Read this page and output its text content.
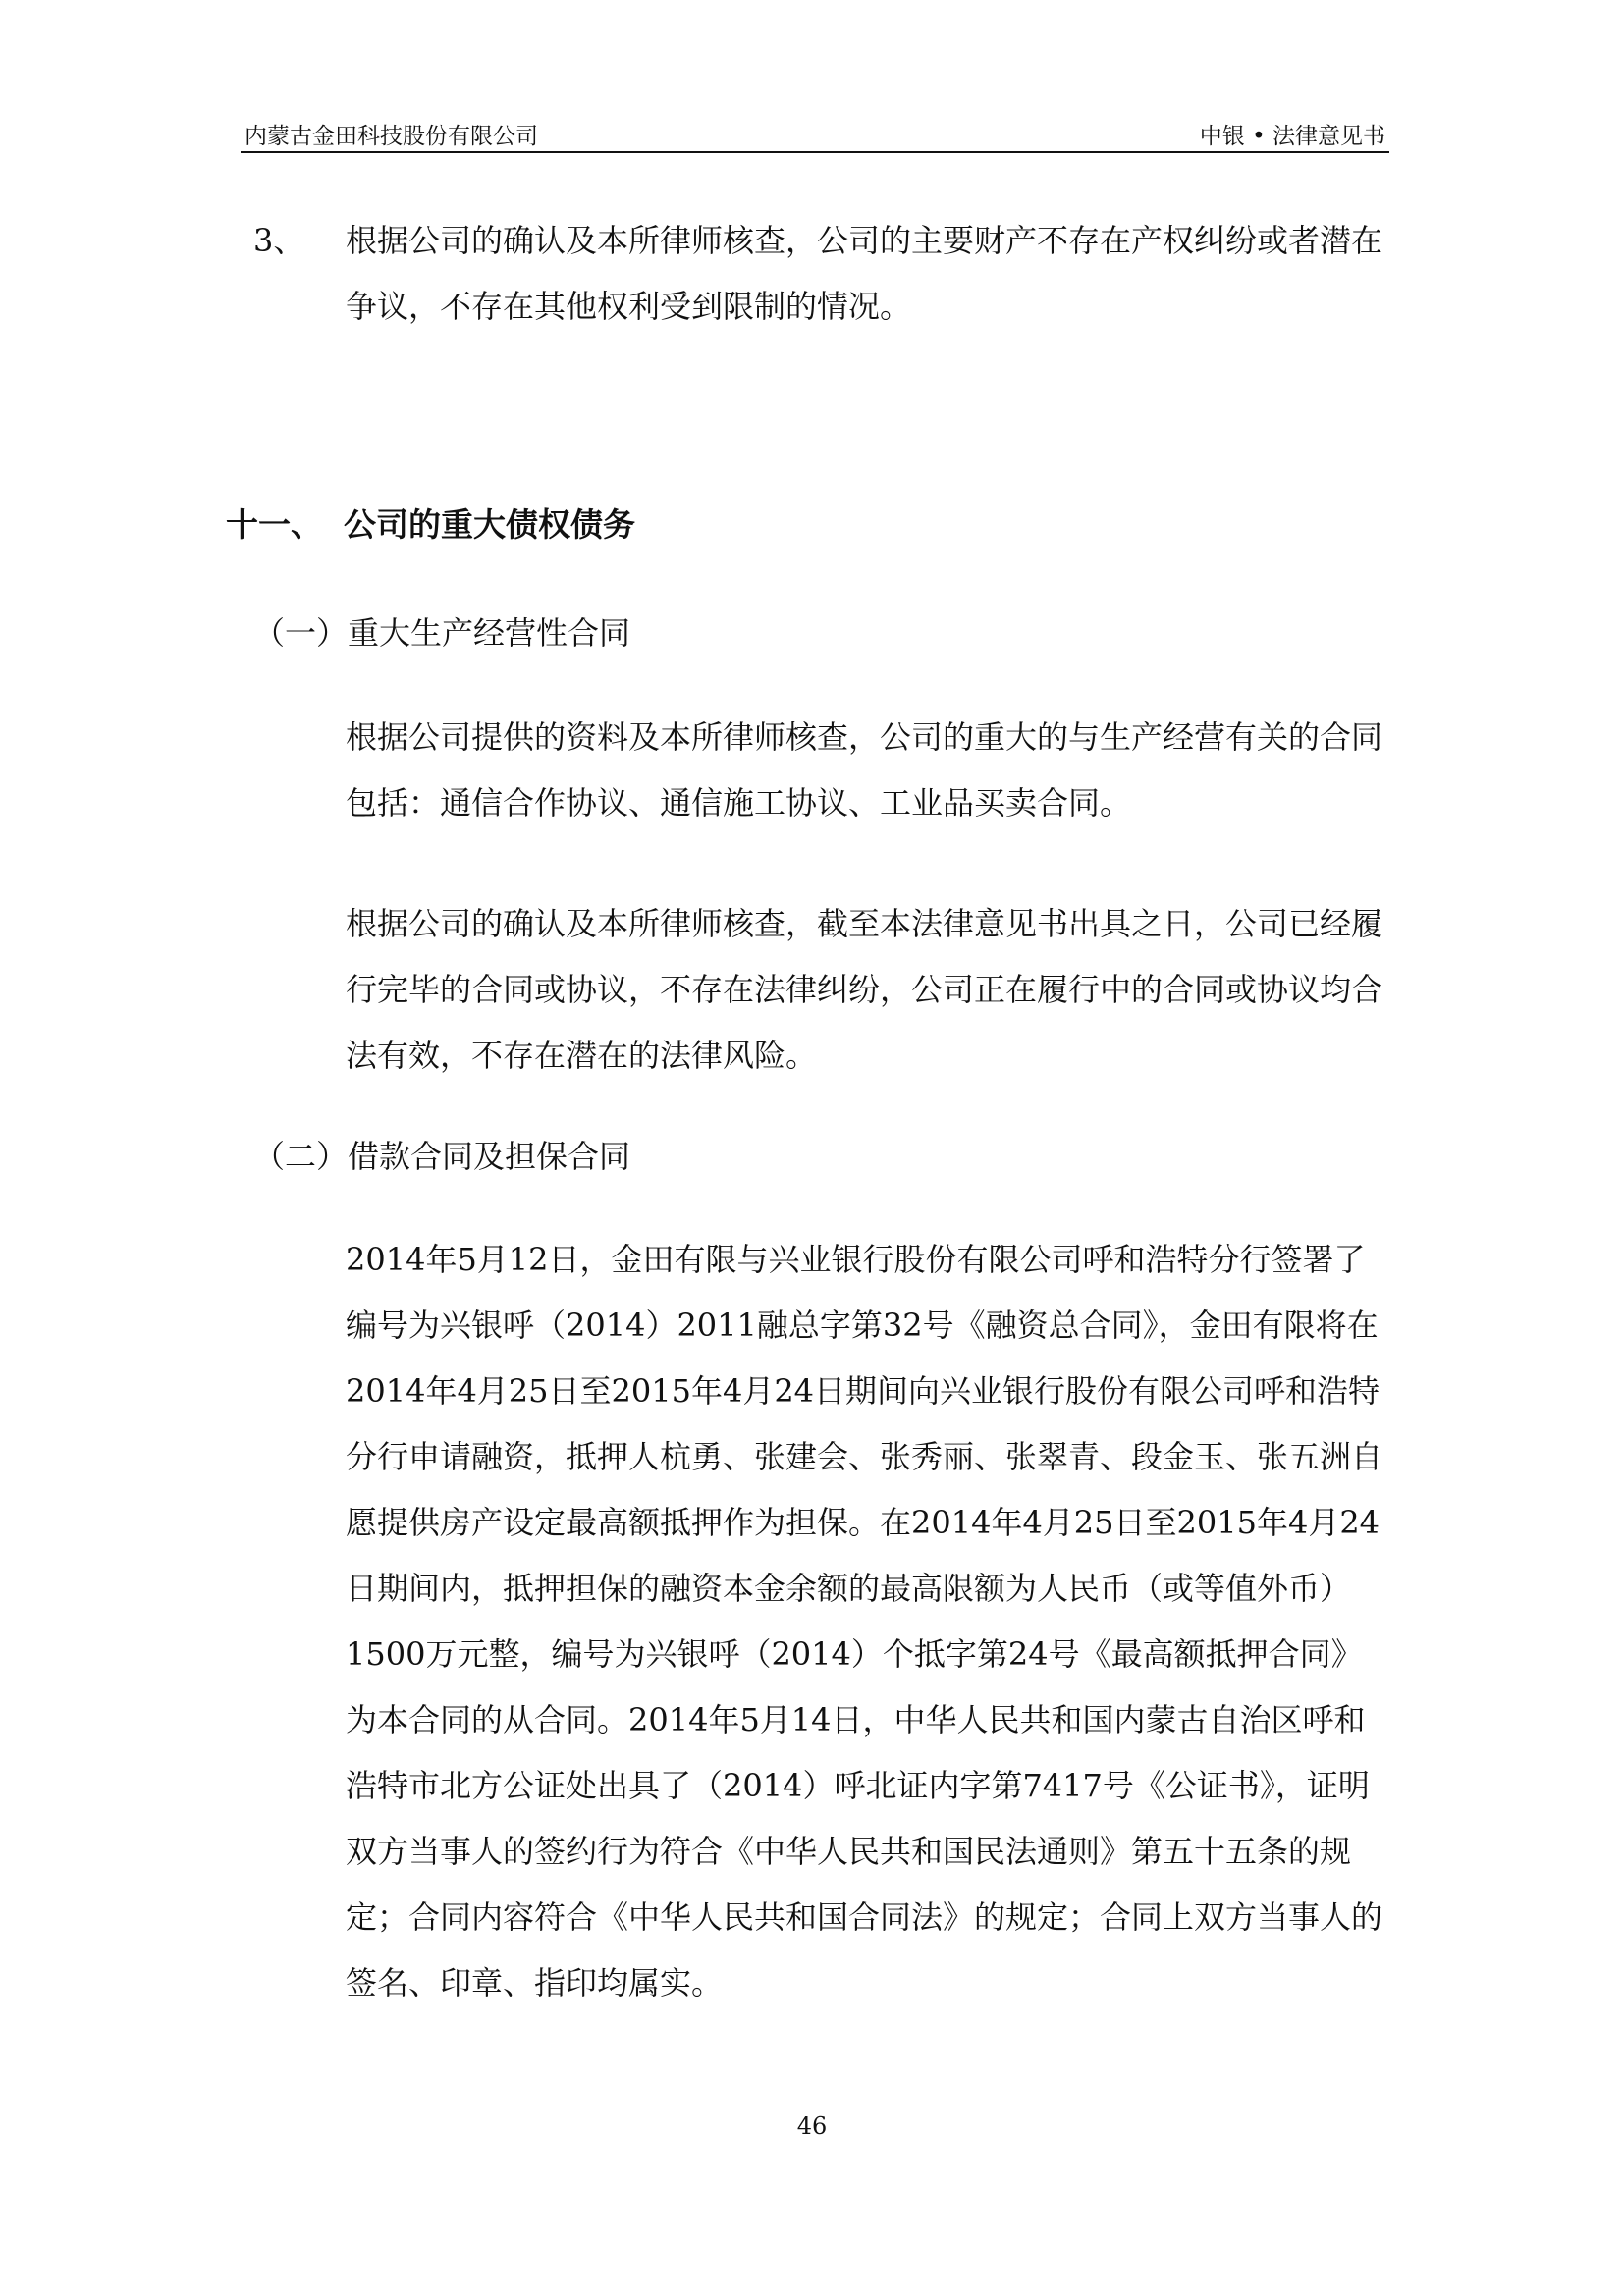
内蒙古金田科技股份有限公司	中银 • 法律意见书
3、 根据公司的确认及本所律师核查，公司的主要财产不存在产权纠纷或者潜在争议，不存在其他权利受到限制的情况。
十一、 公司的重大债权债务
（一）重大生产经营性合同
根据公司提供的资料及本所律师核查，公司的重大的与生产经营有关的合同包括：通信合作协议、通信施工协议、工业品买卖合同。
根据公司的确认及本所律师核查，截至本法律意见书出具之日，公司已经履行完毕的合同或协议，不存在法律纠纷，公司正在履行中的合同或协议均合法有效，不存在潜在的法律风险。
（二）借款合同及担保合同
2014年5月12日，金田有限与兴业银行股份有限公司呼和浩特分行签署了编号为兴银呼（2014）2011融总字第32号《融资总合同》，金田有限将在2014年4月25日至2015年4月24日期间向兴业银行股份有限公司呼和浩特分行申请融资，抵押人杭勇、张建会、张秀丽、张翠青、段金玉、张五洲自愿提供房产设定最高额抵押作为担保。在2014年4月25日至2015年4月24日期间内，抵押担保的融资本金余额的最高限额为人民币（或等值外币）1500万元整，编号为兴银呼（2014）个抵字第24号《最高额抵押合同》为本合同的从合同。2014年5月14日，中华人民共和国内蒙古自治区呼和浩特市北方公证处出具了（2014）呼北证内字第7417号《公证书》，证明双方当事人的签约行为符合《中华人民共和国民法通则》第五十五条的规定；合同内容符合《中华人民共和国合同法》的规定；合同上双方当事人的签名、印章、指印均属实。
46
